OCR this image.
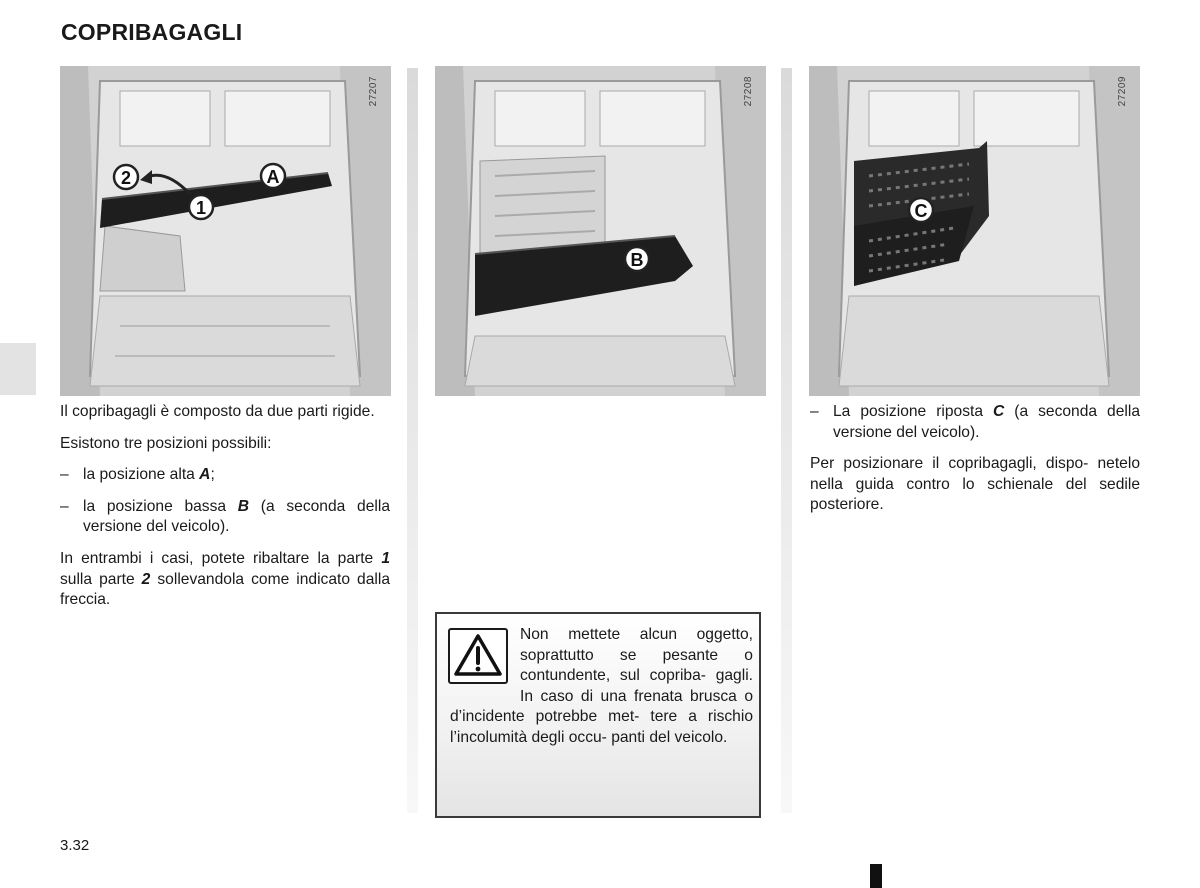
COPRIBAGAGLI
2	A
1
27207
B
27208
C
27209

Il copribagagli è composto da due parti rigide.

Esistono tre posizioni possibili:

– la posizione alta A;
– la posizione bassa B (a seconda della versione del veicolo).

In entrambi i casi, potete ribaltare la parte 1 sulla parte 2 sollevandola come indicato dalla freccia.

– La posizione riposta C (a seconda della versione del veicolo).

Per posizionare il copribagagli, dispo- netelo nella guida contro lo schienale del sedile posteriore.

Non mettete alcun oggetto, soprattutto se pesante o contundente, sul copriba- gagli. In caso di una frenata brusca o d’incidente potrebbe met- tere a rischio l’incolumità degli occu- panti del veicolo.
3.32
